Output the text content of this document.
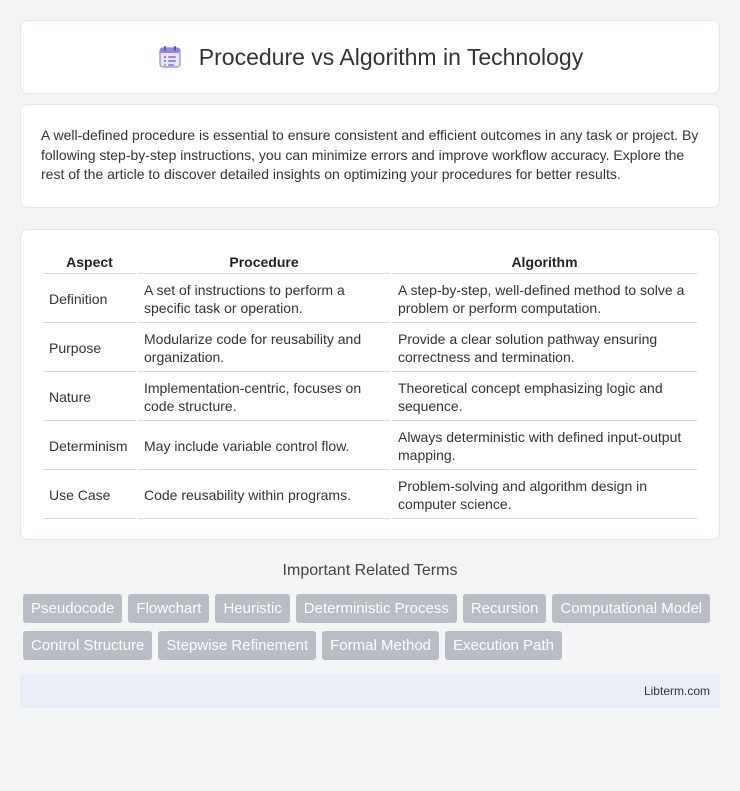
Procedure vs Algorithm in Technology

A well-defined procedure is essential to ensure consistent and efficient outcomes in any task or project. By following step-by-step instructions, you can minimize errors and improve workflow accuracy. Explore the rest of the article to discover detailed insights on optimizing your procedures for better results.

Aspect	Procedure	Algorithm
Definition	A set of instructions to perform a specific task or operation.	A step-by-step, well-defined method to solve a problem or perform computation.
Purpose	Modularize code for reusability and organization.	Provide a clear solution pathway ensuring correctness and termination.
Nature	Implementation-centric, focuses on code structure.	Theoretical concept emphasizing logic and sequence.
Determinism	May include variable control flow.	Always deterministic with defined input-output mapping.
Use Case	Code reusability within programs.	Problem-solving and algorithm design in computer science.
Important Related Terms
Pseudocode	Flowchart	Heuristic	Deterministic Process	Recursion	Computational Model
Control Structure	Stepwise Refinement	Formal Method	Execution Path
Libterm.com
